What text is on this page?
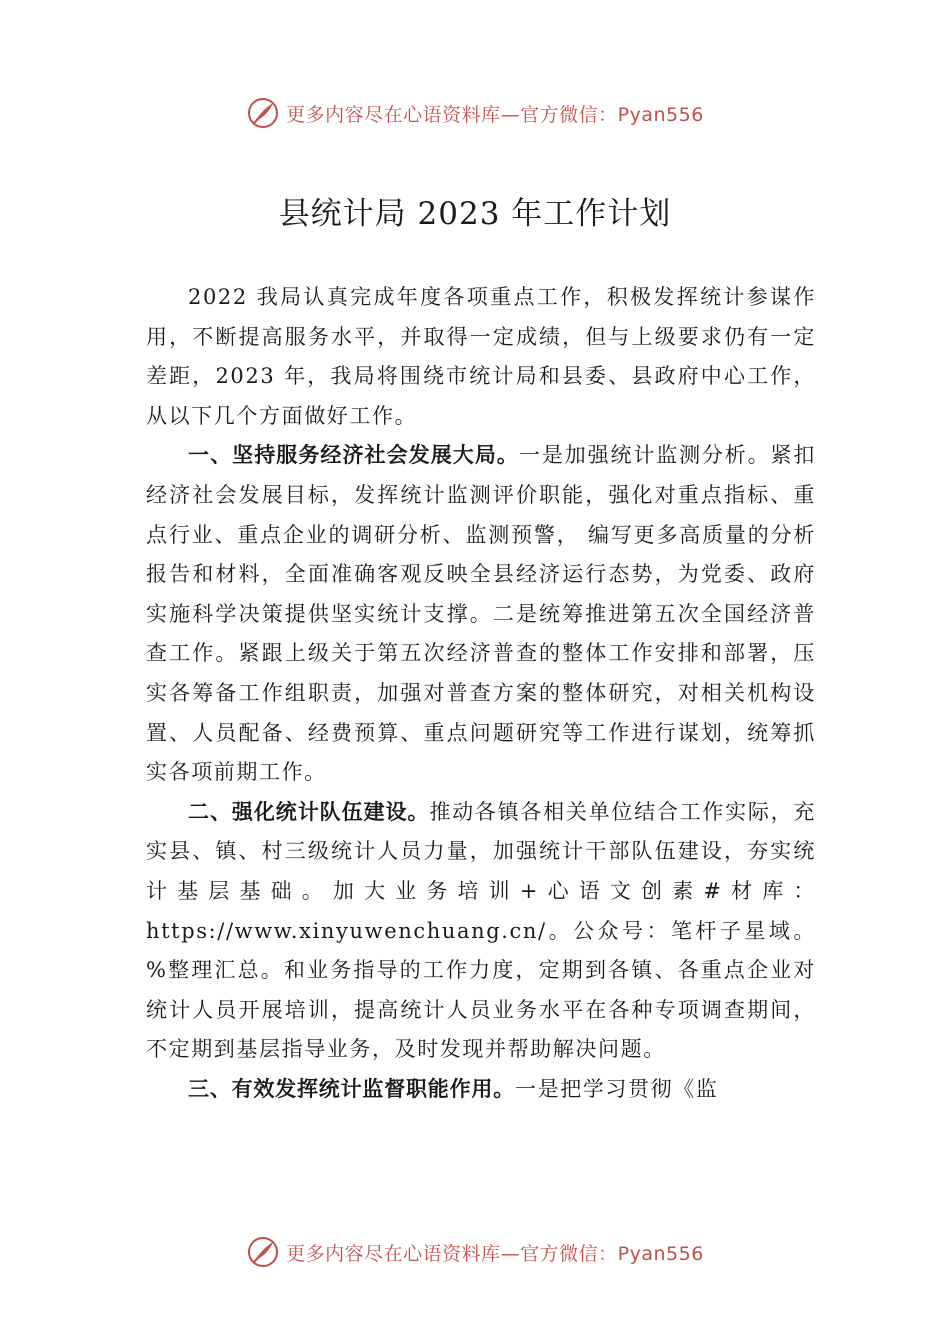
更多内容尽在心语资料库—官方微信：Pyan556
县统计局 2023 年工作计划

2022 我局认真完成年度各项重点工作，积极发挥统计参谋作用，不断提高服务水平，并取得一定成绩，但与上级要求仍有一定差距，2023 年，我局将围绕市统计局和县委、县政府中心工作，从以下几个方面做好工作。

一、坚持服务经济社会发展大局。一是加强统计监测分析。紧扣经济社会发展目标，发挥统计监测评价职能，强化对重点指标、重点行业、重点企业的调研分析、监测预警， 编写更多高质量的分析报告和材料，全面准确客观反映全县经济运行态势，为党委、政府实施科学决策提供坚实统计支撑。二是统筹推进第五次全国经济普查工作。紧跟上级关于第五次经济普查的整体工作安排和部署，压实各筹备工作组职责，加强对普查方案的整体研究，对相关机构设置、人员配备、经费预算、重点问题研究等工作进行谋划，统筹抓实各项前期工作。

二、强化统计队伍建设。推动各镇各相关单位结合工作实际，充实县、镇、村三级统计人员力量，加强统计干部队伍建设，夯实统计基层基础。加大业务培训+心语文创素#材库：https://www.xinyuwenchuang.cn/。公众号：笔杆子星域。%整理汇总。和业务指导的工作力度，定期到各镇、各重点企业对统计人员开展培训，提高统计人员业务水平在各种专项调查期间，不定期到基层指导业务，及时发现并帮助解决问题。

三、有效发挥统计监督职能作用。一是把学习贯彻《监

更多内容尽在心语资料库—官方微信：Pyan556
